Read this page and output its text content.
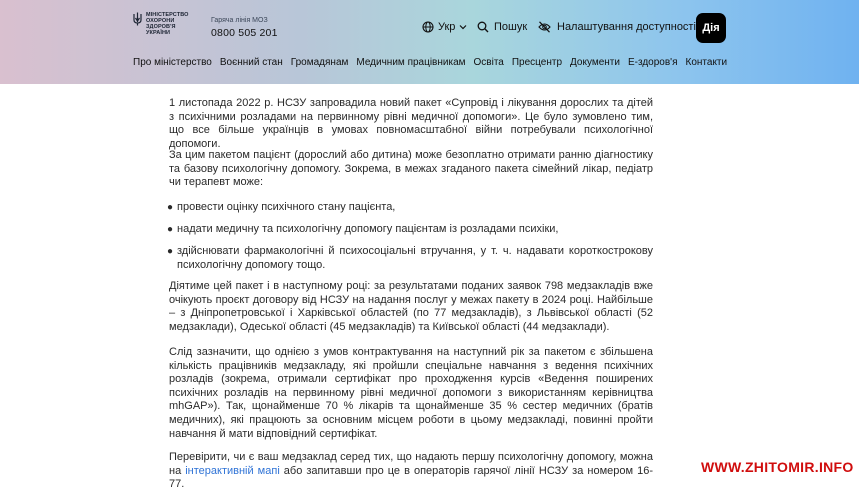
МІНІСТЕРСТВО ОХОРОНИ ЗДОРОВ'Я УКРАЇНИ
Гаряча лінія МОЗ
0800 505 201	Укр	Пошук	Налаштування доступності Дія
Про міністерство Воєнний стан Громадянам Медичним працівникам Освіта Пресцентр Документи Е-здоров'я Контакти

1 листопада 2022 р. НСЗУ запровадила новий пакет «Супровід і лікування дорослих та дітей з психічними розладами на первинному рівні медичної допомоги». Це було зумовлено тим, що все більше українців в умовах повномасштабної війни потребували психологічної допомоги.

За цим пакетом пацієнт (дорослий або дитина) може безоплатно отримати ранню діагностику та базову психологічну допомогу. Зокрема, в межах згаданого пакета сімейний лікар, педіатр чи терапевт може:

● провести оцінку психічного стану пацієнта,
● надати медичну та психологічну допомогу пацієнтам із розладами психіки,
● здійснювати фармакологічні й психосоціальні втручання, у т. ч. надавати короткострокову психологічну допомогу тощо.

Діятиме цей пакет і в наступному році: за результатами поданих заявок 798 медзакладів вже очікують проєкт договору від НСЗУ на надання послуг у межах пакету в 2024 році. Найбільше – з Дніпропетровської і Харківської областей (по 77 медзакладів), з Львівської області (52 медзаклади), Одеської області (45 медзакладів) та Київської області (44 медзаклади).

Слід зазначити, що однією з умов контрактування на наступний рік за пакетом є збільшена кількість працівників медзакладу, які пройшли спеціальне навчання з ведення психічних розладів (зокрема, отримали сертифікат про проходження курсів «Ведення поширених психічних розладів на первинному рівні медичної допомоги з використанням керівництва mhGAP»). Так, щонайменше 70 % лікарів та щонайменше 35 % сестер медичних (братів медичних), які працюють за основним місцем роботи в цьому медзакладі, повинні пройти навчання й мати відповідний сертифікат.

Перевірити, чи є ваш медзаклад серед тих, що надають першу психологічну допомогу, можна на інтерактивній мапі або запитавши про це в операторів гарячої лінії НСЗУ за номером 16-77.

WWW.ZHITOMIR.INFO
